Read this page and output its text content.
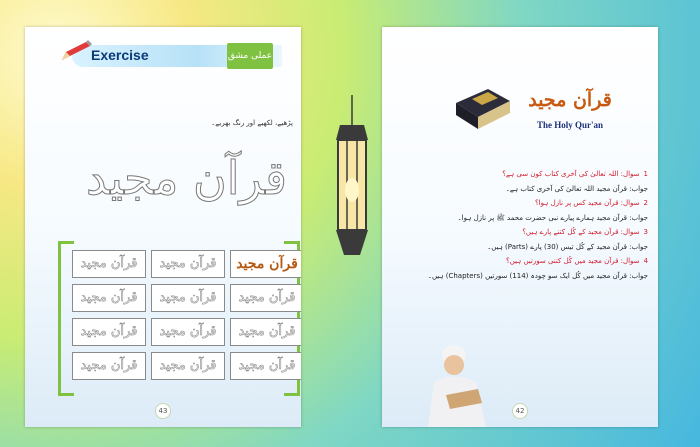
Exercise	عملی مشق
پڑھیے، لکھیے اور رنگ بھریے۔
قرآن مجید
قرآن مجید	قرآن مجید	قرآن مجید
قرآن مجید	قرآن مجید	قرآن مجید
قرآن مجید	قرآن مجید	قرآن مجید
قرآن مجید	قرآن مجید	قرآن مجید
43
قرآن مجید
The Holy Qur'an
1سوال: اللہ تعالیٰ کی آخری کتاب کون سی ہے؟
جواب: قرآن مجید اللہ تعالیٰ کی آخری کتاب ہے۔
2سوال: قرآن مجید کس پر نازل ہوا؟
جواب: قرآن مجید ہمارے پیارے نبی حضرت محمد ﷺ پر نازل ہوا۔
3سوال: قرآن مجید کے کُل کتنے پارے ہیں؟
جواب: قرآن مجید کے کُل تیس (30) پارے (Parts) ہیں۔
4سوال: قرآن مجید میں کُل کتنی سورتیں ہیں؟
جواب: قرآن مجید میں کُل ایک سو چودہ (114) سورتیں (Chapters) ہیں۔
42
